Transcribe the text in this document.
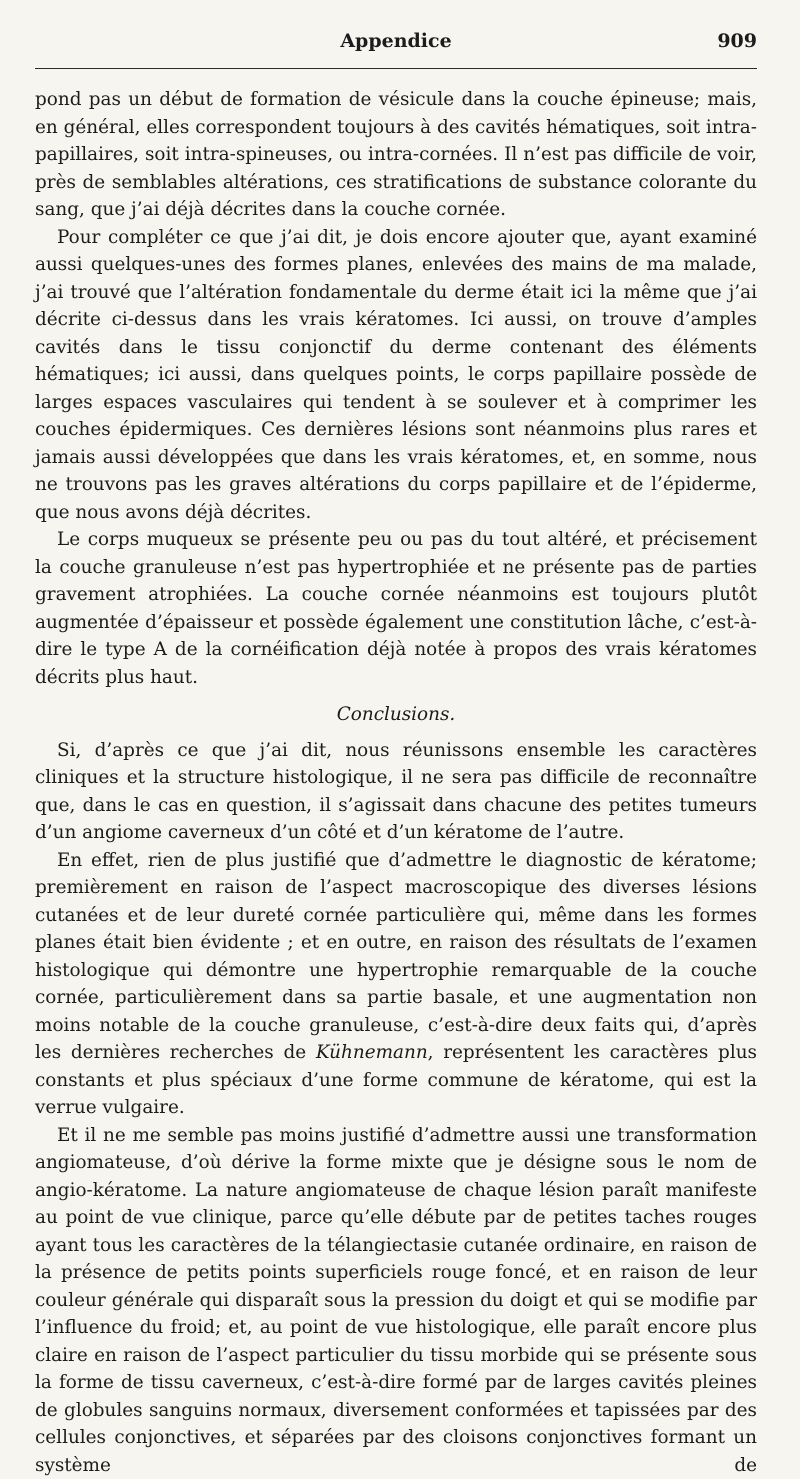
Appendice	909

pond pas un début de formation de vésicule dans la couche épineuse; mais, en général, elles correspondent toujours à des cavités hématiques, soit intra-papillaires, soit intra-spineuses, ou intra-cornées. Il n’est pas difficile de voir, près de semblables altérations, ces stratifications de substance colorante du sang, que j’ai déjà décrites dans la couche cornée.

Pour compléter ce que j’ai dit, je dois encore ajouter que, ayant examiné aussi quelques-unes des formes planes, enlevées des mains de ma malade, j’ai trouvé que l’altération fondamentale du derme était ici la même que j’ai décrite ci-dessus dans les vrais kératomes. Ici aussi, on trouve d’amples cavités dans le tissu conjonctif du derme contenant des éléments hématiques; ici aussi, dans quelques points, le corps papillaire possède de larges espaces vasculaires qui tendent à se soulever et à comprimer les couches épidermiques. Ces dernières lésions sont néanmoins plus rares et jamais aussi développées que dans les vrais kératomes, et, en somme, nous ne trouvons pas les graves altérations du corps papillaire et de l’épiderme, que nous avons déjà décrites.

Le corps muqueux se présente peu ou pas du tout altéré, et précisement la couche granuleuse n’est pas hypertrophiée et ne présente pas de parties gravement atrophiées. La couche cornée néanmoins est toujours plutôt augmentée d’épaisseur et possède également une constitution lâche, c’est-à-dire le type A de la cornéification déjà notée à propos des vrais kératomes décrits plus haut.

Conclusions.

Si, d’après ce que j’ai dit, nous réunissons ensemble les caractères cliniques et la structure histologique, il ne sera pas difficile de reconnaître que, dans le cas en question, il s’agissait dans chacune des petites tumeurs d’un angiome caverneux d’un côté et d’un kératome de l’autre.

En effet, rien de plus justifié que d’admettre le diagnostic de kératome; premièrement en raison de l’aspect macroscopique des diverses lésions cutanées et de leur dureté cornée particulière qui, même dans les formes planes était bien évidente ; et en outre, en raison des résultats de l’examen histologique qui démontre une hypertrophie remarquable de la couche cornée, particulièrement dans sa partie basale, et une augmentation non moins notable de la couche granuleuse, c’est-à-dire deux faits qui, d’après les dernières recherches de Kühnemann, représentent les caractères plus constants et plus spéciaux d’une forme commune de kératome, qui est la verrue vulgaire.

Et il ne me semble pas moins justifié d’admettre aussi une transformation angiomateuse, d’où dérive la forme mixte que je désigne sous le nom de angio-kératome. La nature angiomateuse de chaque lésion paraît manifeste au point de vue clinique, parce qu’elle débute par de petites taches rouges ayant tous les caractères de la télangiectasie cutanée ordinaire, en raison de la présence de petits points superficiels rouge foncé, et en raison de leur couleur générale qui disparaît sous la pression du doigt et qui se modifie par l’influence du froid; et, au point de vue histologique, elle paraît encore plus claire en raison de l’aspect particulier du tissu morbide qui se présente sous la forme de tissu caverneux, c’est-à-dire formé par de larges cavités pleines de globules sanguins normaux, diversement conformées et tapissées par des cellules conjonctives, et séparées par des cloisons conjonctives formant un système de
